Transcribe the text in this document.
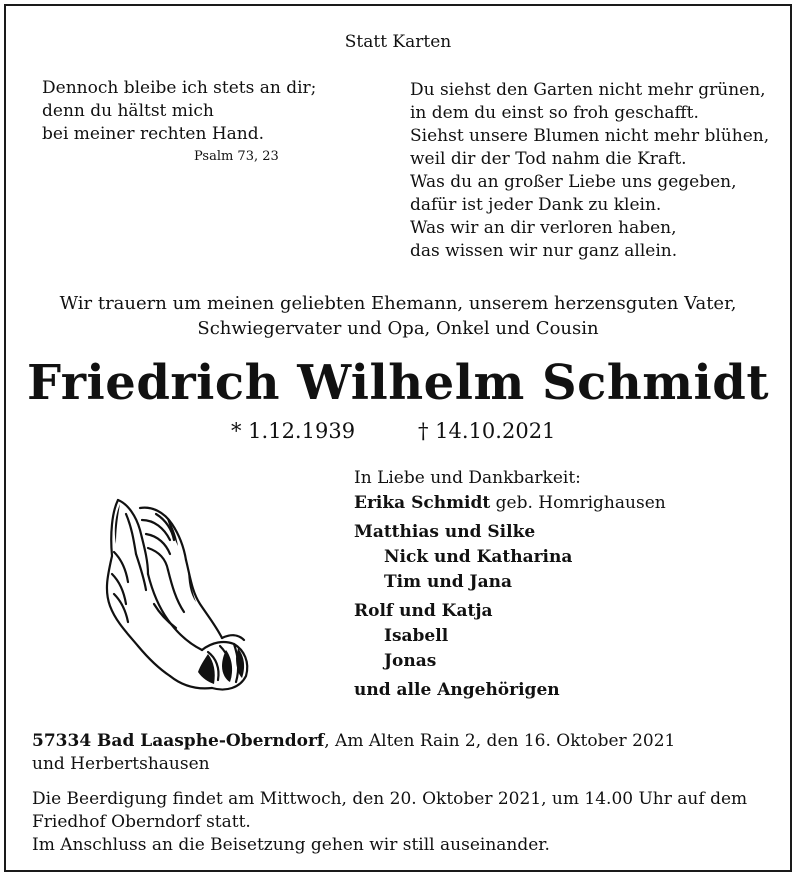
Statt Karten
Dennoch bleibe ich stets an dir;
denn du hältst mich
bei meiner rechten Hand.
Psalm 73, 23
Du siehst den Garten nicht mehr grünen,
in dem du einst so froh geschafft.
Siehst unsere Blumen nicht mehr blühen,
weil dir der Tod nahm die Kraft.
Was du an großer Liebe uns gegeben,
dafür ist jeder Dank zu klein.
Was wir an dir verloren haben,
das wissen wir nur ganz allein.
Wir trauern um meinen geliebten Ehemann, unserem herzensguten Vater,
Schwiegervater und Opa, Onkel und Cousin
Friedrich Wilhelm Schmidt
* 1.12.1939	† 14.10.2021
In Liebe und Dankbarkeit:
Erika Schmidt geb. Homrighausen
Matthias und Silke
Nick und Katharina
Tim und Jana
Rolf und Katja
Isabell
Jonas
und alle Angehörigen
57334 Bad Laasphe-Oberndorf, Am Alten Rain 2, den 16. Oktober 2021
und Herbertshausen
Die Beerdigung findet am Mittwoch, den 20. Oktober 2021, um 14.00 Uhr auf dem
Friedhof Oberndorf statt.
Im Anschluss an die Beisetzung gehen wir still auseinander.
